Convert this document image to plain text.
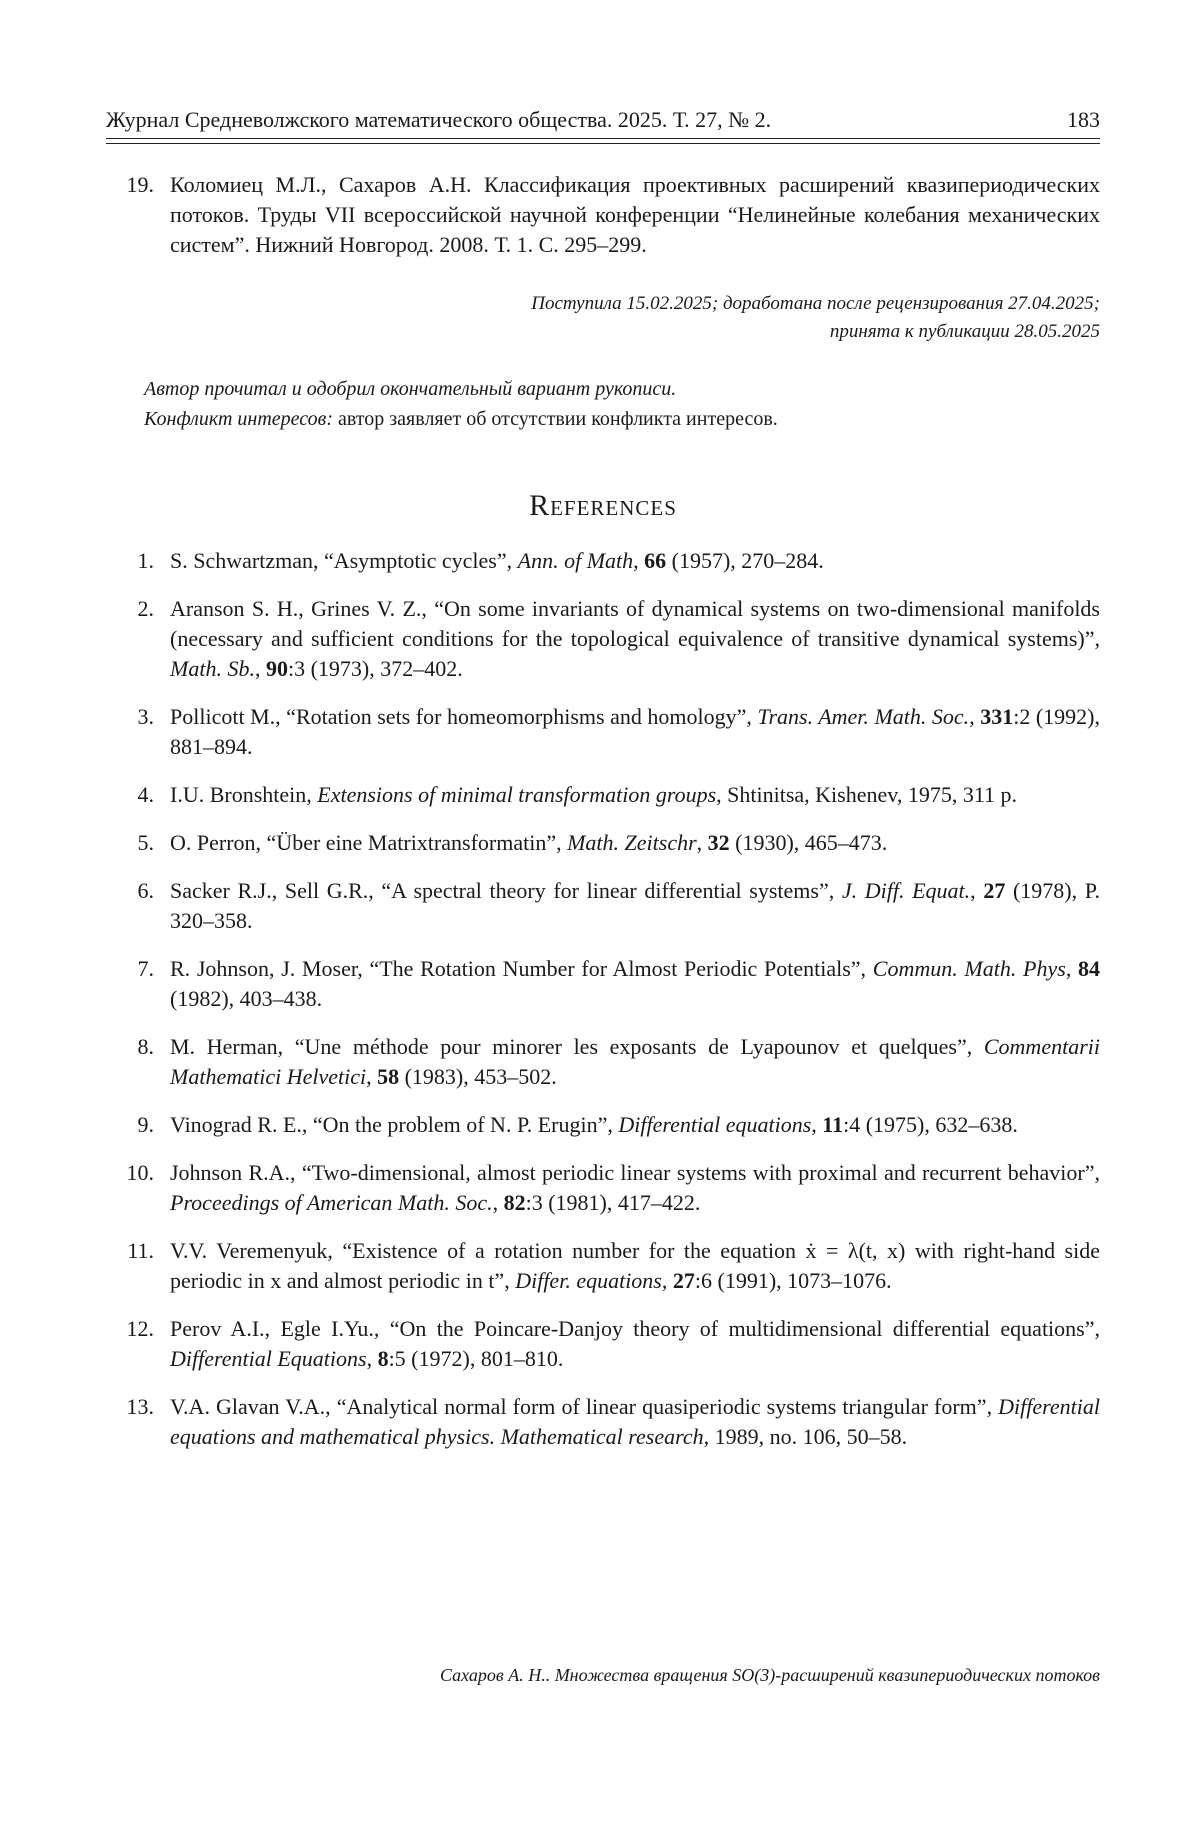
Журнал Средневолжского математического общества. 2025. Т. 27, № 2.	183
19. Коломиец М.Л., Сахаров А.Н. Классификация проективных расширений квазипериодических потоков. Труды VII всероссийской научной конференции “Нелинейные колебания механических систем”. Нижний Новгород. 2008. Т. 1. С. 295–299.
Поступила 15.02.2025; доработана после рецензирования 27.04.2025;
принята к публикации 28.05.2025
Автор прочитал и одобрил окончательный вариант рукописи.
Конфликт интересов: автор заявляет об отсутствии конфликта интересов.
References
1. S. Schwartzman, “Asymptotic cycles”, Ann. of Math, 66 (1957), 270–284.
2. Aranson S. H., Grines V. Z., “On some invariants of dynamical systems on two-dimensional manifolds (necessary and sufficient conditions for the topological equivalence of transitive dynamical systems)”, Math. Sb., 90:3 (1973), 372–402.
3. Pollicott M., “Rotation sets for homeomorphisms and homology”, Trans. Amer. Math. Soc., 331:2 (1992), 881–894.
4. I.U. Bronshtein, Extensions of minimal transformation groups, Shtinitsa, Kishenev, 1975, 311 p.
5. O. Perron, “Über eine Matrixtransformatin”, Math. Zeitschr, 32 (1930), 465–473.
6. Sacker R.J., Sell G.R., “A spectral theory for linear differential systems”, J. Diff. Equat., 27 (1978), P. 320–358.
7. R. Johnson, J. Moser, “The Rotation Number for Almost Periodic Potentials”, Commun. Math. Phys, 84 (1982), 403–438.
8. M. Herman, “Une méthode pour minorer les exposants de Lyapounov et quelques”, Commentarii Mathematici Helvetici, 58 (1983), 453–502.
9. Vinograd R. E., “On the problem of N. P. Erugin”, Differential equations, 11:4 (1975), 632–638.
10. Johnson R.A., “Two-dimensional, almost periodic linear systems with proximal and recurrent behavior”, Proceedings of American Math. Soc., 82:3 (1981), 417–422.
11. V.V. Veremenyuk, “Existence of a rotation number for the equation ẋ = λ(t, x) with right-hand side periodic in x and almost periodic in t”, Differ. equations, 27:6 (1991), 1073–1076.
12. Perov A.I., Egle I.Yu., “On the Poincare-Danjoy theory of multidimensional differential equations”, Differential Equations, 8:5 (1972), 801–810.
13. V.A. Glavan V.A., “Analytical normal form of linear quasiperiodic systems triangular form”, Differential equations and mathematical physics. Mathematical research, 1989, no. 106, 50–58.
Сахаров А. Н.. Множества вращения SO(3)-расширений квазипериодических потоков
